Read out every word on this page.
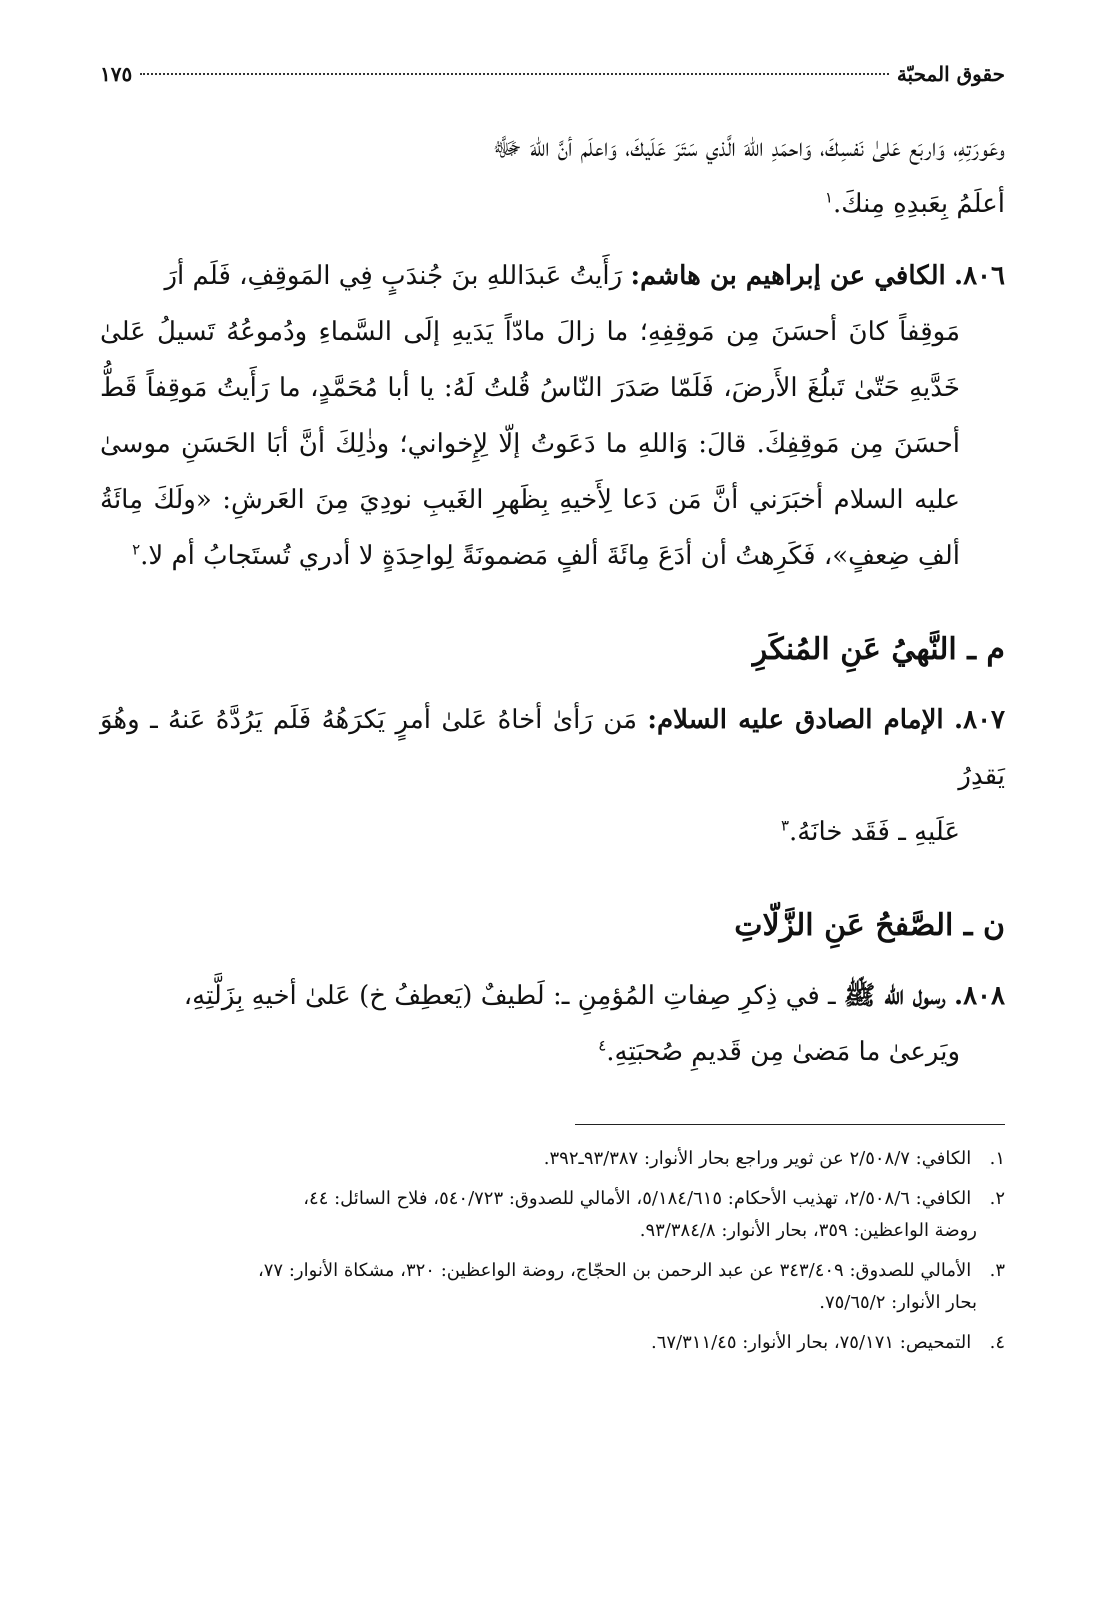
حقوق المحبّة
١٧٥

وعَورَتِهِ، وَاربَع عَلىٰ نَفسِكَ، وَاحمَدِ اللهَ الَّذي سَتَرَ عَلَيكَ، وَاعلَم أنَّ اللهَ ﷻ
أعلَمُ بِعَبدِهِ مِنكَ.$^١$

٨٠٦. الكافي عن إبراهيم بن هاشم: رَأَيتُ عَبدَاللهِ بنَ جُندَبٍ فِي المَوقِفِ، فَلَم أرَ
مَوقِفاً كانَ أحسَنَ مِن مَوقِفِهِ؛ ما زالَ مادّاً يَدَيهِ إلَى السَّماءِ ودُموعُهُ تَسيلُ عَلىٰ خَدَّيهِ حَتّىٰ تَبلُغَ الأَرضَ، فَلَمّا صَدَرَ النّاسُ قُلتُ لَهُ: يا أبا مُحَمَّدٍ، ما رَأَيتُ مَوقِفاً قَطُّ أحسَنَ مِن مَوقِفِكَ. قالَ: وَاللهِ ما دَعَوتُ إلّا لِإِخواني؛ وذٰلِكَ أنَّ أبَا الحَسَنِ موسىٰ عليه السلام أخبَرَني أنَّ مَن دَعا لِأَخيهِ بِظَهرِ الغَيبِ نودِيَ مِنَ العَرشِ: «ولَكَ مِائَةُ ألفِ ضِعفٍ»، فَكَرِهتُ أن أدَعَ مِائَةَ ألفٍ مَضمونَةً لِواحِدَةٍ لا أدري تُستَجابُ أم لا.$^٢$

م ـ النَّهيُ عَنِ المُنكَرِ

٨٠٧. الإمام الصادق عليه السلام: مَن رَأىٰ أخاهُ عَلىٰ أمرٍ يَكرَهُهُ فَلَم يَرُدَّهُ عَنهُ ـ وهُوَ يَقدِرُ
عَلَيهِ ـ فَقَد خانَهُ.$^٣$

ن ـ الصَّفحُ عَنِ الزَّلّاتِ

٨٠٨. رسول الله ﷺ ـ في ذِكرِ صِفاتِ المُؤمِنِ ـ: لَطيفٌ (يَعطِفُ خ) عَلىٰ أخيهِ بِزَلَّتِهِ،
ويَرعىٰ ما مَضىٰ مِن قَديمِ صُحبَتِهِ.$^٤$

١. الكافي: ٢/٥٠٨/٧ عن ثوير وراجع بحار الأنوار: ٩٣/٣٨٧ـ٣٩٢.
٢. الكافي: ٢/٥٠٨/٦، تهذيب الأحكام: ٥/١٨٤/٦١٥، الأمالي للصدوق: ٥٤٠/٧٢٣، فلاح السائل: ٤٤،
روضة الواعظين: ٣٥٩، بحار الأنوار: ٩٣/٣٨٤/٨.
٣. الأمالي للصدوق: ٣٤٣/٤٠٩ عن عبد الرحمن بن الحجّاج، روضة الواعظين: ٣٢٠، مشكاة الأنوار: ٧٧،
بحار الأنوار: ٧٥/٦٥/٢.
٤. التمحيص: ٧٥/١٧١، بحار الأنوار: ٦٧/٣١١/٤٥.
